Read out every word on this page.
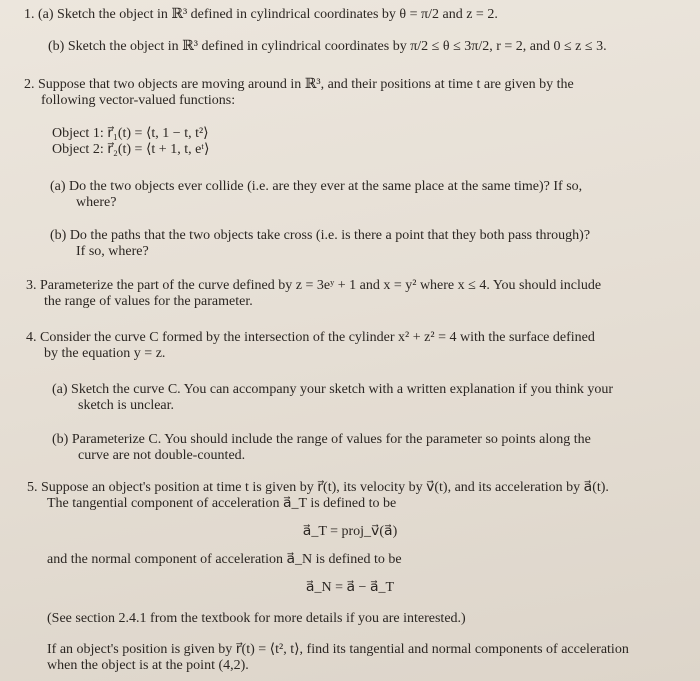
1. (a) Sketch the object in ℝ³ defined in cylindrical coordinates by θ = π/2 and z = 2.
(b) Sketch the object in ℝ³ defined in cylindrical coordinates by π/2 ≤ θ ≤ 3π/2, r = 2, and 0 ≤ z ≤ 3.
2. Suppose that two objects are moving around in ℝ³, and their positions at time t are given by the
following vector-valued functions:
Object 1: r⃗₁(t) = ⟨t, 1 − t, t²⟩
Object 2: r⃗₂(t) = ⟨t + 1, t, eᵗ⟩
(a) Do the two objects ever collide (i.e. are they ever at the same place at the same time)? If so,
where?
(b) Do the paths that the two objects take cross (i.e. is there a point that they both pass through)?
If so, where?
3. Parameterize the part of the curve defined by z = 3eʸ + 1 and x = y² where x ≤ 4. You should include
the range of values for the parameter.
4. Consider the curve C formed by the intersection of the cylinder x² + z² = 4 with the surface defined
by the equation y = z.
(a) Sketch the curve C. You can accompany your sketch with a written explanation if you think your
sketch is unclear.
(b) Parameterize C. You should include the range of values for the parameter so points along the
curve are not double-counted.
5. Suppose an object's position at time t is given by r⃗(t), its velocity by v⃗(t), and its acceleration by a⃗(t).
The tangential component of acceleration a⃗_T is defined to be
a⃗_T = proj_v⃗(a⃗)
and the normal component of acceleration a⃗_N is defined to be
a⃗_N = a⃗ − a⃗_T
(See section 2.4.1 from the textbook for more details if you are interested.)
If an object's position is given by r⃗(t) = ⟨t², t⟩, find its tangential and normal components of acceleration
when the object is at the point (4,2).
